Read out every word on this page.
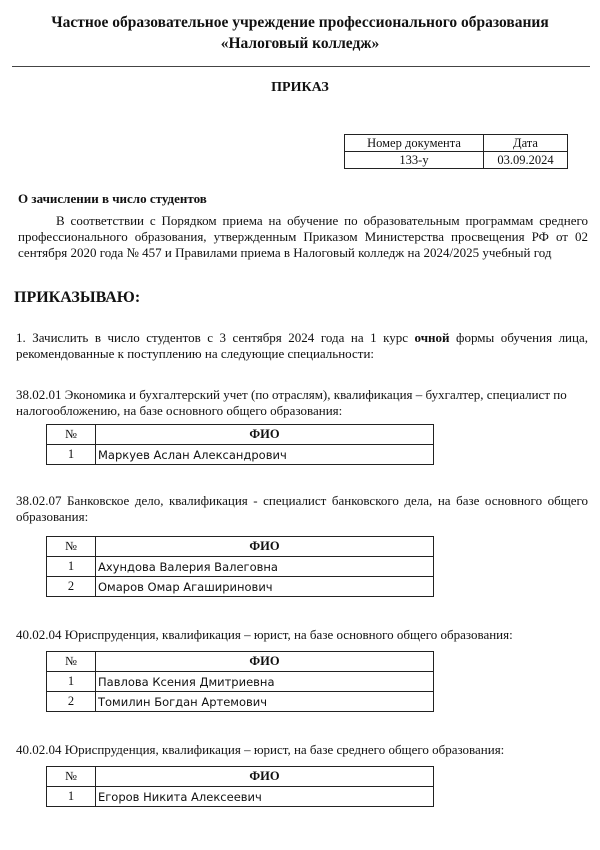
Частное образовательное учреждение профессионального образования
«Налоговый колледж»
ПРИКАЗ
Номер документа	Дата
133-у	03.09.2024
О зачислении в число студентов
В соответствии с Порядком приема на обучение по образовательным программам среднего профессионального образования, утвержденным Приказом Министерства просвещения РФ от 02 сентября 2020 года № 457 и Правилами приема в Налоговый колледж на 2024/2025 учебный год
ПРИКАЗЫВАЮ:
1. Зачислить в число студентов с 3 сентября 2024 года на 1 курс очной формы обучения лица, рекомендованные к поступлению на следующие специальности:
38.02.01 Экономика и бухгалтерский учет (по отраслям), квалификация – бухгалтер, специалист по налогообложению, на базе основного общего образования:
№	ФИО
1	Маркуев Аслан Александрович
38.02.07 Банковское дело, квалификация - специалист банковского дела, на базе основного общего образования:
№	ФИО
1	Ахундова Валерия Валеговна
2	Омаров Омар Агаширинович
40.02.04 Юриспруденция, квалификация – юрист, на базе основного общего образования:
№	ФИО
1	Павлова Ксения Дмитриевна
2	Томилин Богдан Артемович
40.02.04 Юриспруденция, квалификация – юрист, на базе среднего общего образования:
№	ФИО
1	Егоров Никита Алексеевич
